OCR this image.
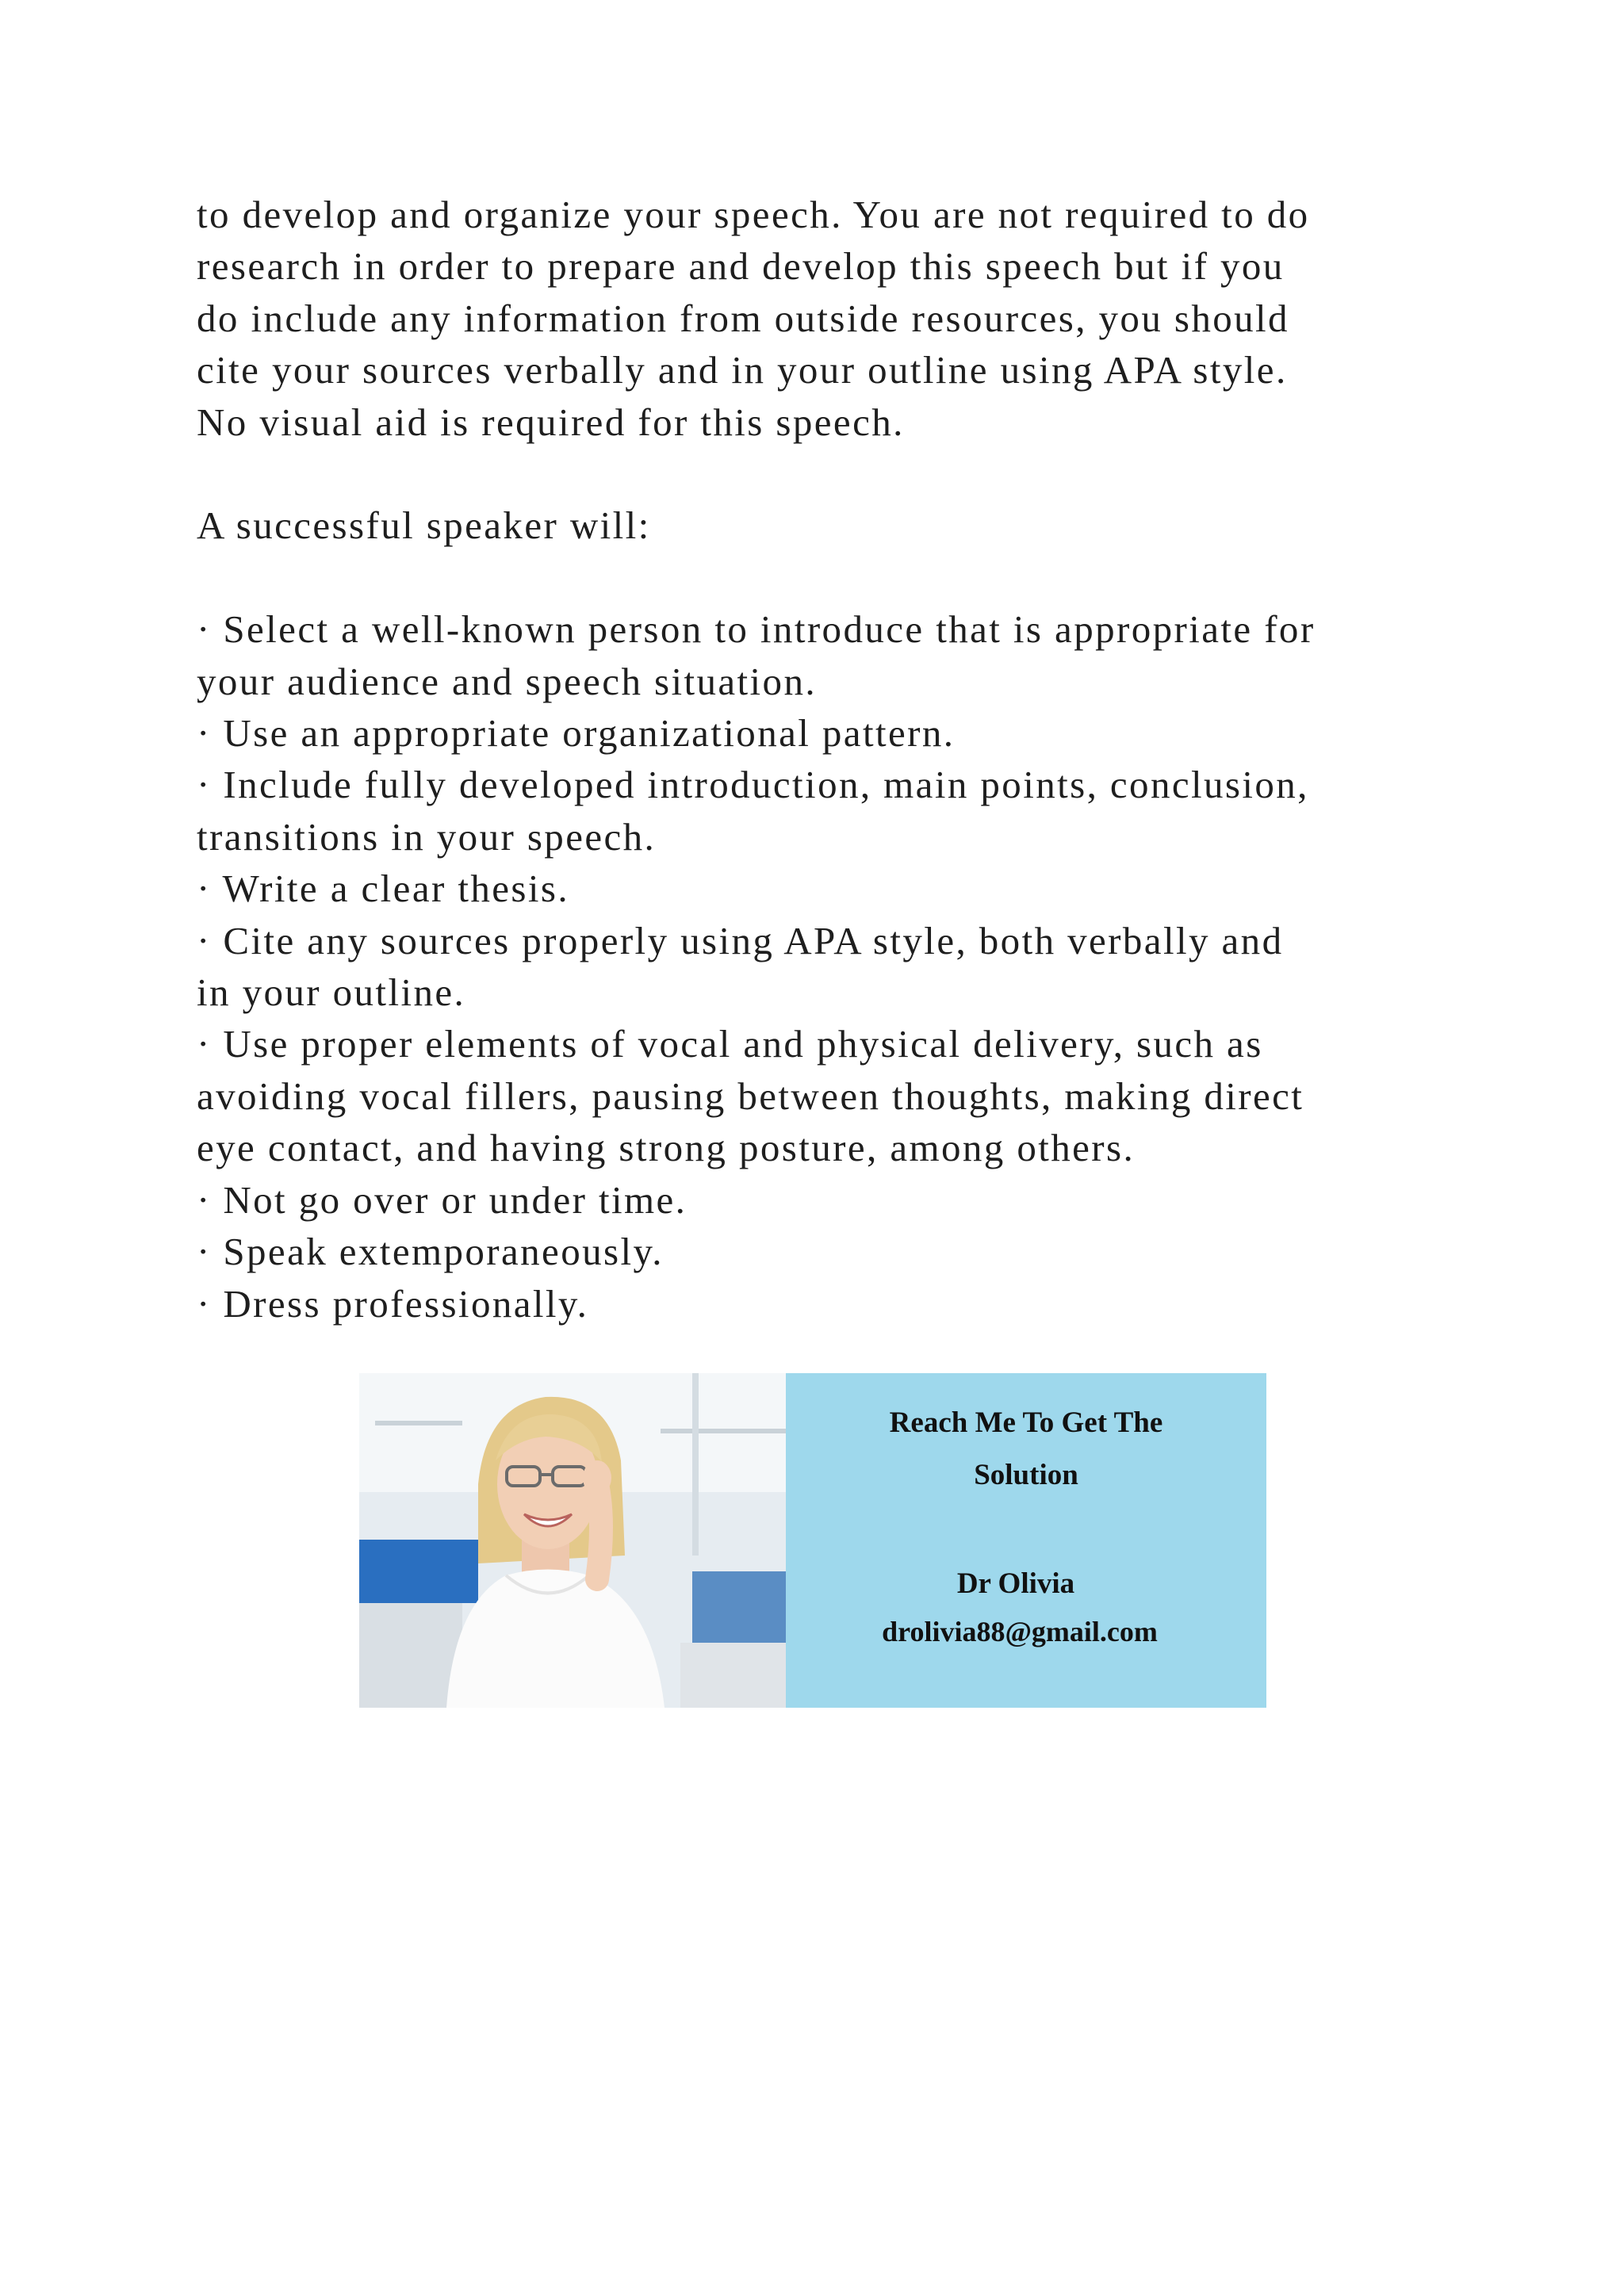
to develop and organize your speech. You are not required to do
research in order to prepare and develop this speech but if you
do include any information from outside resources, you should
cite your sources verbally and in your outline using APA style.
No visual aid is required for this speech.
A successful speaker will:
· Select a well-known person to introduce that is appropriate for
your audience and speech situation.
· Use an appropriate organizational pattern.
· Include fully developed introduction, main points, conclusion,
transitions in your speech.
· Write a clear thesis.
· Cite any sources properly using APA style, both verbally and
in your outline.
· Use proper elements of vocal and physical delivery, such as
avoiding vocal fillers, pausing between thoughts, making direct
eye contact, and having strong posture, among others.
· Not go over or under time.
· Speak extemporaneously.
· Dress professionally.
Reach Me To Get The
Solution
Dr Olivia
drolivia88@gmail.com
